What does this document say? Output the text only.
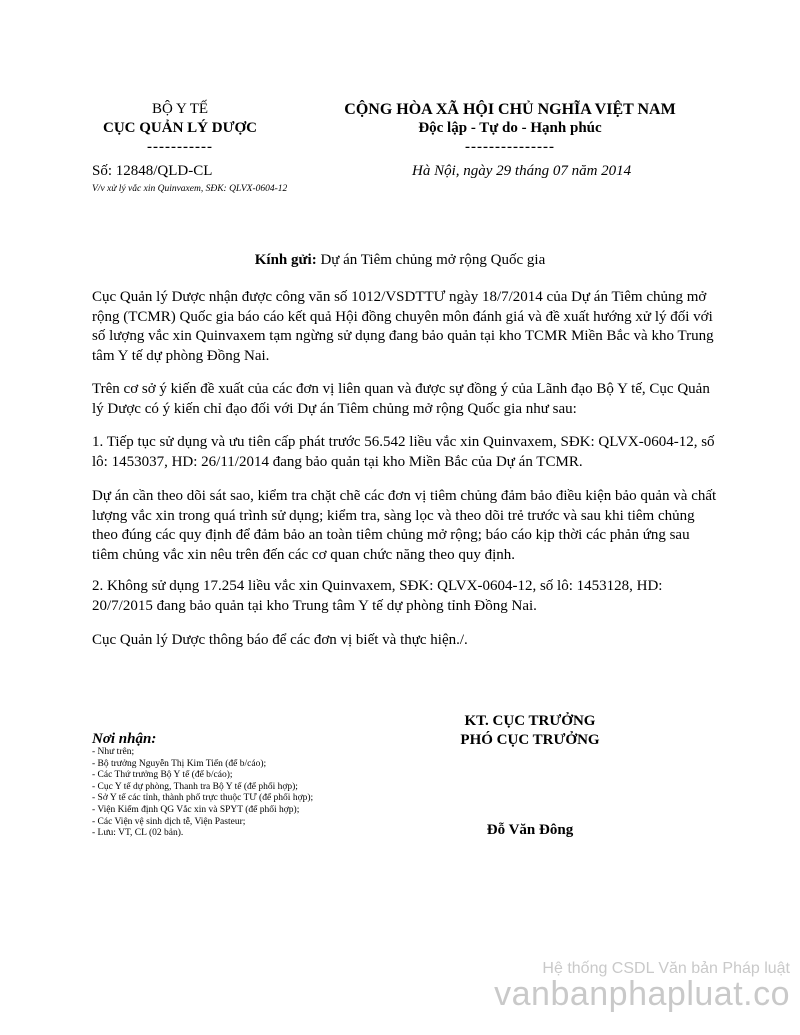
BỘ Y TẾ
CỤC QUẢN LÝ DƯỢC
-----------
CỘNG HÒA XÃ HỘI CHỦ NGHĨA VIỆT NAM
Độc lập - Tự do - Hạnh phúc
---------------
Số: 12848/QLD-CL
V/v xử lý vắc xin Quinvaxem, SĐK: QLVX-0604-12
Hà Nội, ngày 29 tháng 07 năm 2014
Kính gửi: Dự án Tiêm chủng mở rộng Quốc gia

Cục Quản lý Dược nhận được công văn số 1012/VSDTTƯ ngày 18/7/2014 của Dự án Tiêm chủng mở rộng (TCMR) Quốc gia báo cáo kết quả Hội đồng chuyên môn đánh giá và đề xuất hướng xử lý đối với số lượng vắc xin Quinvaxem tạm ngừng sử dụng đang bảo quản tại kho TCMR Miền Bắc và kho Trung tâm Y tế dự phòng Đồng Nai.

Trên cơ sở ý kiến đề xuất của các đơn vị liên quan và được sự đồng ý của Lãnh đạo Bộ Y tế, Cục Quản lý Dược có ý kiến chỉ đạo đối với Dự án Tiêm chủng mở rộng Quốc gia như sau:

1. Tiếp tục sử dụng và ưu tiên cấp phát trước 56.542 liều vắc xin Quinvaxem, SĐK: QLVX-0604-12, số lô: 1453037, HD: 26/11/2014 đang bảo quản tại kho Miền Bắc của Dự án TCMR.

Dự án cần theo dõi sát sao, kiểm tra chặt chẽ các đơn vị tiêm chủng đảm bảo điều kiện bảo quản và chất lượng vắc xin trong quá trình sử dụng; kiểm tra, sàng lọc và theo dõi trẻ trước và sau khi tiêm chủng theo đúng các quy định để đảm bảo an toàn tiêm chủng mở rộng; báo cáo kịp thời các phản ứng sau tiêm chủng vắc xin nêu trên đến các cơ quan chức năng theo quy định.

2. Không sử dụng 17.254 liều vắc xin Quinvaxem, SĐK: QLVX-0604-12, số lô: 1453128, HD: 20/7/2015 đang bảo quản tại kho Trung tâm Y tế dự phòng tỉnh Đồng Nai.

Cục Quản lý Dược thông báo để các đơn vị biết và thực hiện./.

KT. CỤC TRƯỞNG
PHÓ CỤC TRƯỞNG
Đỗ Văn Đông
Nơi nhận:
- Như trên;
- Bộ trưởng Nguyễn Thị Kim Tiến (để b/cáo);
- Các Thứ trưởng Bộ Y tế (để b/cáo);
- Cục Y tế dự phòng, Thanh tra Bộ Y tế (để phối hợp);
- Sở Y tế các tỉnh, thành phố trực thuộc TƯ (để phối hợp);
- Viện Kiểm định QG Vắc xin và SPYT (để phối hợp);
- Các Viện vệ sinh dịch tễ, Viện Pasteur;
- Lưu: VT, CL (02 bản).
Hệ thống CSDL Văn bản Pháp luật
vanbanphapluat.co
